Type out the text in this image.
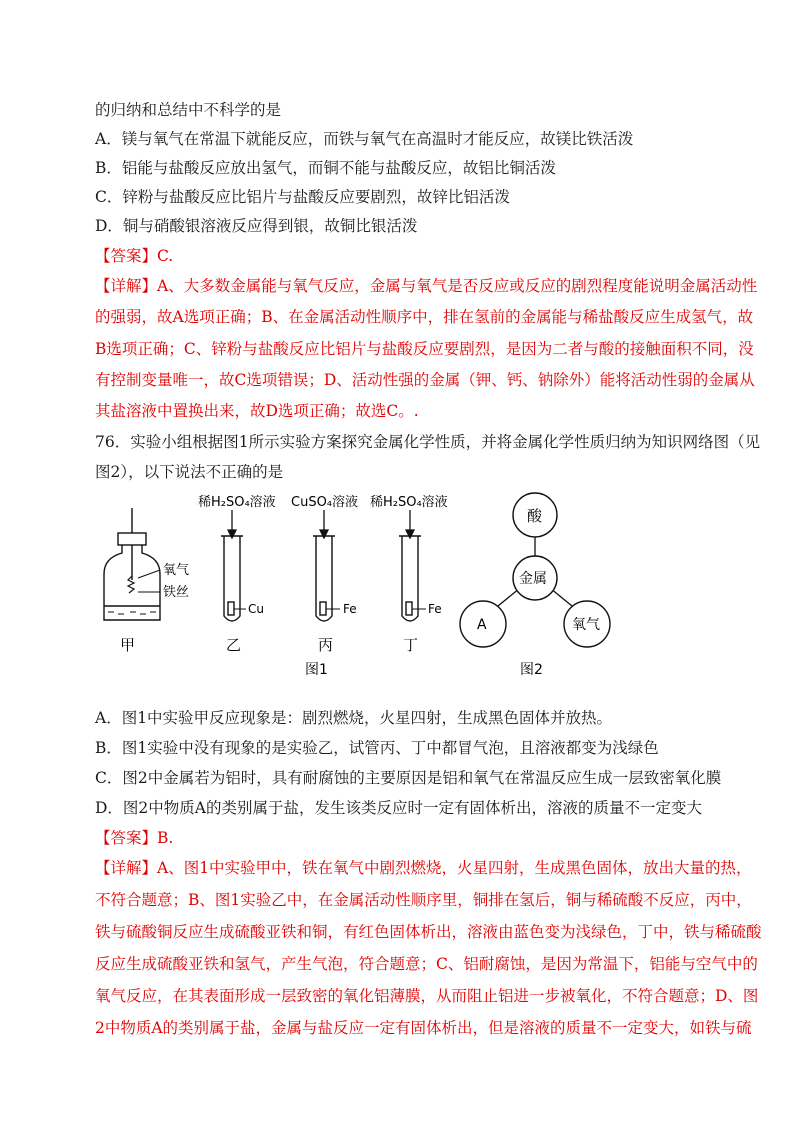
的归纳和总结中不科学的是
A．镁与氧气在常温下就能反应，而铁与氧气在高温时才能反应，故镁比铁活泼
B．铝能与盐酸反应放出氢气，而铜不能与盐酸反应，故铝比铜活泼
C．锌粉与盐酸反应比铝片与盐酸反应要剧烈，故锌比铝活泼
D．铜与硝酸银溶液反应得到银，故铜比银活泼
【答案】C.
【详解】A、大多数金属能与氧气反应，金属与氧气是否反应或反应的剧烈程度能说明金属活动性
的强弱，故A选项正确；B、在金属活动性顺序中，排在氢前的金属能与稀盐酸反应生成氢气，故
B选项正确；C、锌粉与盐酸反应比铝片与盐酸反应要剧烈，是因为二者与酸的接触面积不同，没
有控制变量唯一，故C选项错误；D、活动性强的金属（钾、钙、钠除外）能将活动性弱的金属从
其盐溶液中置换出来，故D选项正确；故选C。.
76．实验小组根据图1所示实验方案探究金属化学性质，并将金属化学性质归纳为知识网络图（见
图2），以下说法不正确的是
氧气
铁丝
甲
稀H₂SO₄溶液
Cu
乙
CuSO₄溶液
Fe
丙
稀H₂SO₄溶液
Fe
丁
图1
酸
金属
A	氧气
图2
A．图1中实验甲反应现象是：剧烈燃烧，火星四射，生成黑色固体并放热。
B．图1实验中没有现象的是实验乙，试管丙、丁中都冒气泡，且溶液都变为浅绿色
C．图2中金属若为铝时，具有耐腐蚀的主要原因是铝和氧气在常温反应生成一层致密氧化膜
D．图2中物质A的类别属于盐，发生该类反应时一定有固体析出，溶液的质量不一定变大
【答案】B.
【详解】A、图1中实验甲中，铁在氧气中剧烈燃烧，火星四射，生成黑色固体，放出大量的热，
不符合题意；B、图1实验乙中，在金属活动性顺序里，铜排在氢后，铜与稀硫酸不反应，丙中，
铁与硫酸铜反应生成硫酸亚铁和铜，有红色固体析出，溶液由蓝色变为浅绿色，丁中，铁与稀硫酸
反应生成硫酸亚铁和氢气，产生气泡，符合题意；C、铝耐腐蚀，是因为常温下，铝能与空气中的
氧气反应，在其表面形成一层致密的氧化铝薄膜，从而阻止铝进一步被氧化，不符合题意；D、图
2中物质A的类别属于盐，金属与盐反应一定有固体析出，但是溶液的质量不一定变大，如铁与硫
